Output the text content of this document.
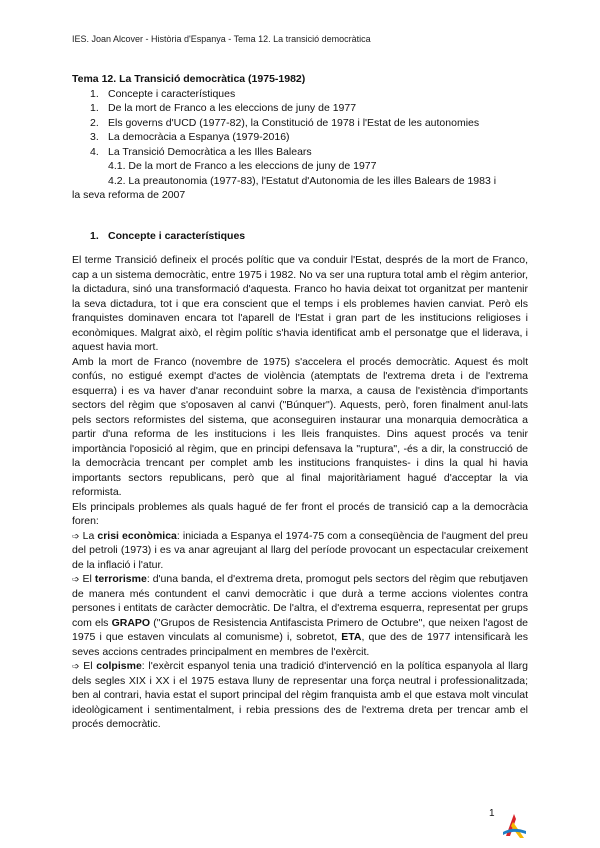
IES. Joan Alcover - Història d'Espanya - Tema 12. La transició democràtica
Tema 12. La Transició democràtica (1975-1982)
1. Concepte i característiques
1. De la mort de Franco a les eleccions de juny de 1977
2. Els governs d'UCD (1977-82), la Constitució de 1978 i l'Estat de les autonomies
3. La democràcia a Espanya (1979-2016)
4. La Transició Democràtica a les Illes Balears
4.1. De la mort de Franco a les eleccions de juny de 1977
4.2. La preautonomia (1977-83), l'Estatut d'Autonomia de les illes Balears de 1983 i
la seva reforma de 2007
1. Concepte i característiques

El terme Transició defineix el procés polític que va conduir l'Estat, després de la mort de Franco, cap a un sistema democràtic, entre 1975 i 1982. No va ser una ruptura total amb el règim anterior, la dictadura, sinó una transformació d'aquesta. Franco ho havia deixat tot organitzat per mantenir la seva dictadura, tot i que era conscient que el temps i els problemes havien canviat. Però els franquistes dominaven encara tot l'aparell de l'Estat i gran part de les institucions religioses i econòmiques. Malgrat això, el règim polític s'havia identificat amb el personatge que el liderava, i aquest havia mort.

Amb la mort de Franco (novembre de 1975) s'accelera el procés democràtic. Aquest és molt confús, no estigué exempt d'actes de violència (atemptats de l'extrema dreta i de l'extrema esquerra) i es va haver d'anar reconduint sobre la marxa, a causa de l'existència d'importants sectors del règim que s'oposaven al canvi ("Búnquer"). Aquests, però, foren finalment anul·lats pels sectors reformistes del sistema, que aconseguiren instaurar una monarquia democràtica a partir d'una reforma de les institucions i les lleis franquistes. Dins aquest procés va tenir importància l'oposició al règim, que en principi defensava la "ruptura", -és a dir, la construcció de la democràcia trencant per complet amb les institucions franquistes- i dins la qual hi havia importants sectors republicans, però que al final majoritàriament hagué d'acceptar la via reformista.

Els principals problemes als quals hagué de fer front el procés de transició cap a la democràcia foren:

➩ La crisi econòmica: iniciada a Espanya el 1974-75 com a conseqüència de l'augment del preu del petroli (1973) i es va anar agreujant al llarg del període provocant un espectacular creixement de la inflació i l'atur.

➩ El terrorisme: d'una banda, el d'extrema dreta, promogut pels sectors del règim que rebutjaven de manera més contundent el canvi democràtic i que durà a terme accions violentes contra persones i entitats de caràcter democràtic. De l'altra, el d'extrema esquerra, representat per grups com els GRAPO ("Grupos de Resistencia Antifascista Primero de Octubre", que neixen l'agost de 1975 i que estaven vinculats al comunisme) i, sobretot, ETA, que des de 1977 intensificarà les seves accions centrades principalment en membres de l'exèrcit.

➩ El colpisme: l'exèrcit espanyol tenia una tradició d'intervenció en la política espanyola al llarg dels segles XIX i XX i el 1975 estava lluny de representar una força neutral i professionalitzada; ben al contrari, havia estat el suport principal del règim franquista amb el que estava molt vinculat ideològicament i sentimentalment, i rebia pressions des de l'extrema dreta per trencar amb el procés democràtic.

1
